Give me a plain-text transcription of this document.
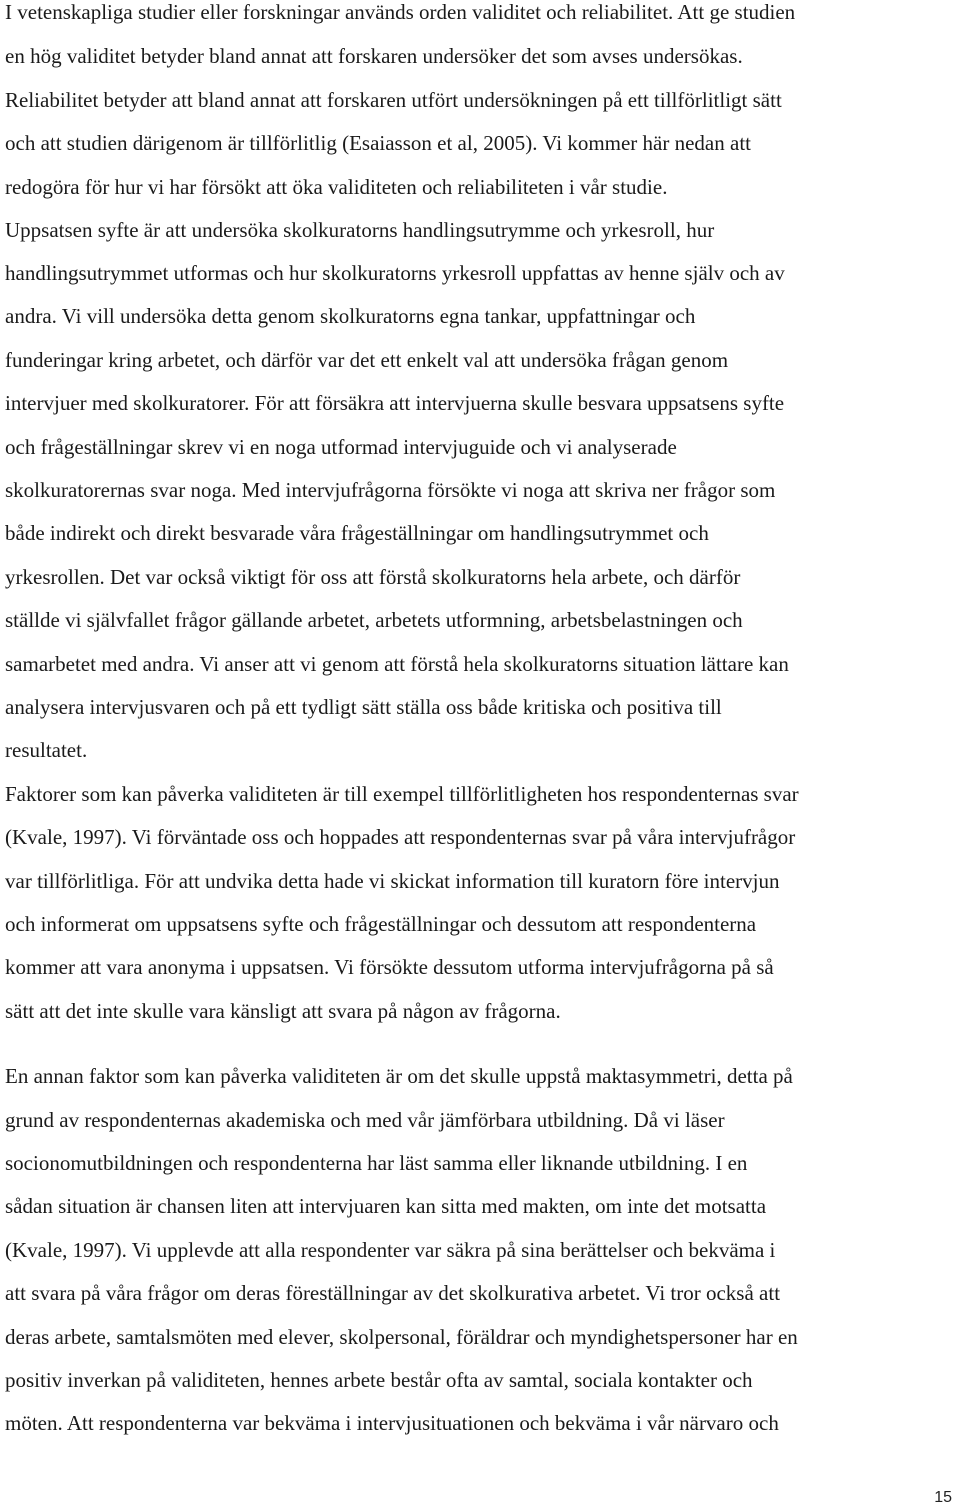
I vetenskapliga studier eller forskningar används orden validitet och reliabilitet. Att ge studien

en hög validitet betyder bland annat att forskaren undersöker det som avses undersökas.

Reliabilitet betyder att bland annat att forskaren utfört undersökningen på ett tillförlitligt sätt

och att studien därigenom är tillförlitlig (Esaiasson et al, 2005). Vi kommer här nedan att

redogöra för hur vi har försökt att öka validiteten och reliabiliteten i vår studie.

Uppsatsen syfte är att undersöka skolkuratorns handlingsutrymme och yrkesroll, hur

handlingsutrymmet utformas och hur skolkuratorns yrkesroll uppfattas av henne själv och av

andra. Vi vill undersöka detta genom skolkuratorns egna tankar, uppfattningar och

funderingar kring arbetet, och därför var det ett enkelt val att undersöka frågan genom

intervjuer med skolkuratorer. För att försäkra att intervjuerna skulle besvara uppsatsens syfte

och frågeställningar skrev vi en noga utformad intervjuguide och vi analyserade

skolkuratorernas svar noga. Med intervjufrågorna försökte vi noga att skriva ner frågor som

både indirekt och direkt besvarade våra frågeställningar om handlingsutrymmet och

yrkesrollen. Det var också viktigt för oss att förstå skolkuratorns hela arbete, och därför

ställde vi självfallet frågor gällande arbetet, arbetets utformning, arbetsbelastningen och

samarbetet med andra. Vi anser att vi genom att förstå hela skolkuratorns situation lättare kan

analysera intervjusvaren och på ett tydligt sätt ställa oss både kritiska och positiva till

resultatet.

Faktorer som kan påverka validiteten är till exempel tillförlitligheten hos respondenternas svar

(Kvale, 1997). Vi förväntade oss och hoppades att respondenternas svar på våra intervjufrågor

var tillförlitliga. För att undvika detta hade vi skickat information till kuratorn före intervjun

och informerat om uppsatsens syfte och frågeställningar och dessutom att respondenterna

kommer att vara anonyma i uppsatsen. Vi försökte dessutom utforma intervjufrågorna på så

sätt att det inte skulle vara känsligt att svara på någon av frågorna.

En annan faktor som kan påverka validiteten är om det skulle uppstå maktasymmetri, detta på

grund av respondenternas akademiska och med vår jämförbara utbildning. Då vi läser

socionomutbildningen och respondenterna har läst samma eller liknande utbildning. I en

sådan situation är chansen liten att intervjuaren kan sitta med makten, om inte det motsatta

(Kvale, 1997). Vi upplevde att alla respondenter var säkra på sina berättelser och bekväma i

att svara på våra frågor om deras föreställningar av det skolkurativa arbetet. Vi tror också att

deras arbete, samtalsmöten med elever, skolpersonal, föräldrar och myndighetspersoner har en

positiv inverkan på validiteten, hennes arbete består ofta av samtal, sociala kontakter och

möten. Att respondenterna var bekväma i intervjusituationen och bekväma i vår närvaro och

15
